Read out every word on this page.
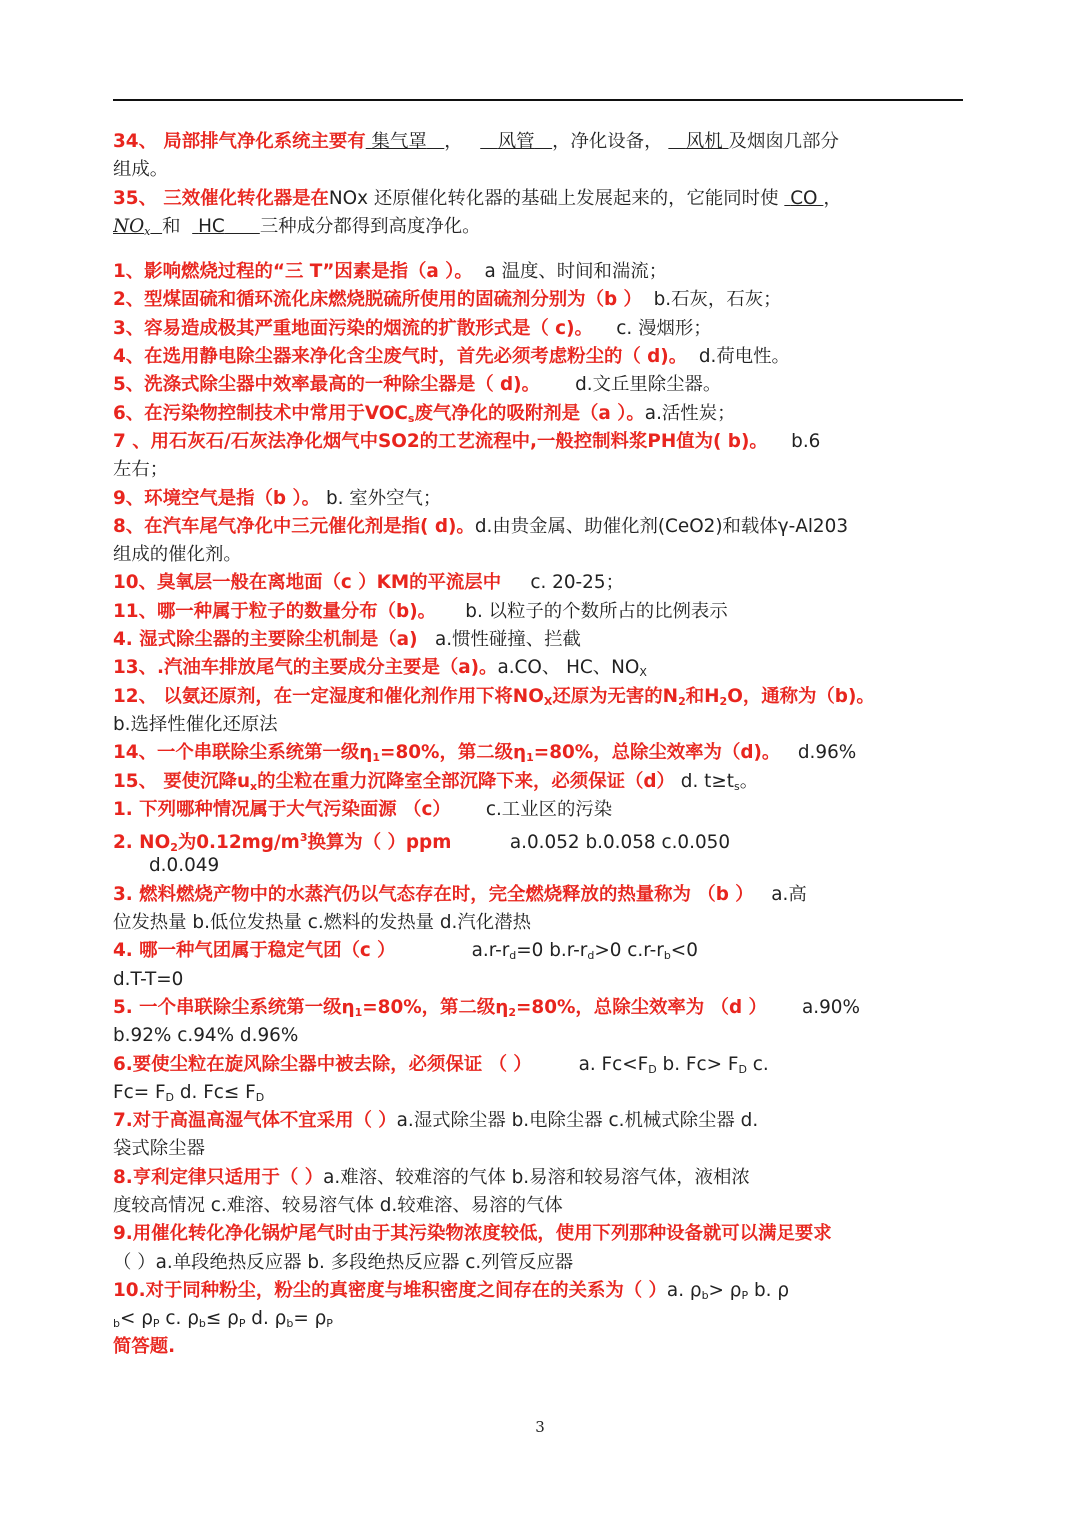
34、 局部排气净化系统主要有 集气罩 ， 风管 ，净化设备， 风机 及烟囱几部分
组成。
35、 三效催化转化器是在NOx 还原催化转化器的基础上发展起来的，它能同时使 CO ，
$NO_x$ 和 HC 三种成分都得到高度净化。
1、影响燃烧过程的“三 T”因素是指（a ）。 a 温度、时间和湍流；
2、型煤固硫和循环流化床燃烧脱硫所使用的固硫剂分别为（b ） b.石灰，石灰；
3、容易造成极其严重地面污染的烟流的扩散形式是（ c)。 c. 漫烟形；
4、在选用静电除尘器来净化含尘废气时，首先必须考虑粉尘的（ d)。 d.荷电性。
5、洗涤式除尘器中效率最高的一种除尘器是（ d)。 d.文丘里除尘器。
6、在污染物控制技术中常用于$VOC_s$废气净化的吸附剂是（a ）。a.活性炭；
7 、用石灰石/石灰法净化烟气中SO2的工艺流程中,一般控制料浆PH值为( b)。 b.6
左右；
9、环境空气是指（b ）。 b. 室外空气；
8、在汽车尾气净化中三元催化剂是指( d)。d.由贵金属、助催化剂(CeO2)和载体γ-Al203
组成的催化剂。
10、臭氧层一般在离地面（c ）KM的平流层中 c. 20-25；
11、哪一种属于粒子的数量分布（b)。 b. 以粒子的个数所占的比例表示
4. 湿式除尘器的主要除尘机制是（a) a.惯性碰撞、拦截
13、.汽油车排放尾气的主要成分主要是（a)。a.CO、 HC、$NO_X$
12、 以氨还原剂，在一定湿度和催化剂作用下将$NO_X$还原为无害的$N_2$和$H_2O$，通称为（b)。
b.选择性催化还原法
14、一个串联除尘系统第一级$\eta_1=80\%$，第二级$\eta_1=80\%$，总除尘效率为（d)。 d.96%
15、 要使沉降$u_x$的尘粒在重力沉降室全部沉降下来，必须保证（d） d. $t\ge t_s$。
1. 下列哪种情况属于大气污染面源 （c） c.工业区的污染
2. $NO_2$为$0.12mg/m^3$换算为（ ）ppm	a.0.052 b.0.058 c.0.050
d.0.049
3. 燃料燃烧产物中的水蒸汽仍以气态存在时，完全燃烧释放的热量称为 （b ） a.高
位发热量 b.低位发热量 c.燃料的发热量 d.汽化潜热
4. 哪一种气团属于稳定气团（c ）	$a.r-r_d=0$ $b.r-r_d>0$ $c.r-r_b<0$
d.T-T=0
5. 一个串联除尘系统第一级$\eta_1=80\%$，第二级$\eta_2=80\%$，总除尘效率为 （d ） a.90%
b.92% c.94% d.96%
6.要使尘粒在旋风除尘器中被去除，必须保证 （ ）	a. $Fc<F_D$ b. $Fc> F_D$ c.
$Fc= F_D$ d. $Fc\le F_D$
7.对于高温高湿气体不宜采用（ ）a.湿式除尘器 b.电除尘器 c.机械式除尘器 d.
袋式除尘器
8.亨利定律只适用于（ ）a.难溶、较难溶的气体 b.易溶和较易溶气体，液相浓
度较高情况 c.难溶、较易溶气体 d.较难溶、易溶的气体
9.用催化转化净化锅炉尾气时由于其污染物浓度较低，使用下列那种设备就可以满足要求
（ ）a.单段绝热反应器 b. 多段绝热反应器 c.列管反应器
10.对于同种粉尘，粉尘的真密度与堆积密度之间存在的关系为（ ）a. $\rho_b> \rho_P$ b. ρ
$_b< \rho_P$ c. $\rho_b\le \rho_P$ d. $\rho_b= \rho_P$
简答题.
3
